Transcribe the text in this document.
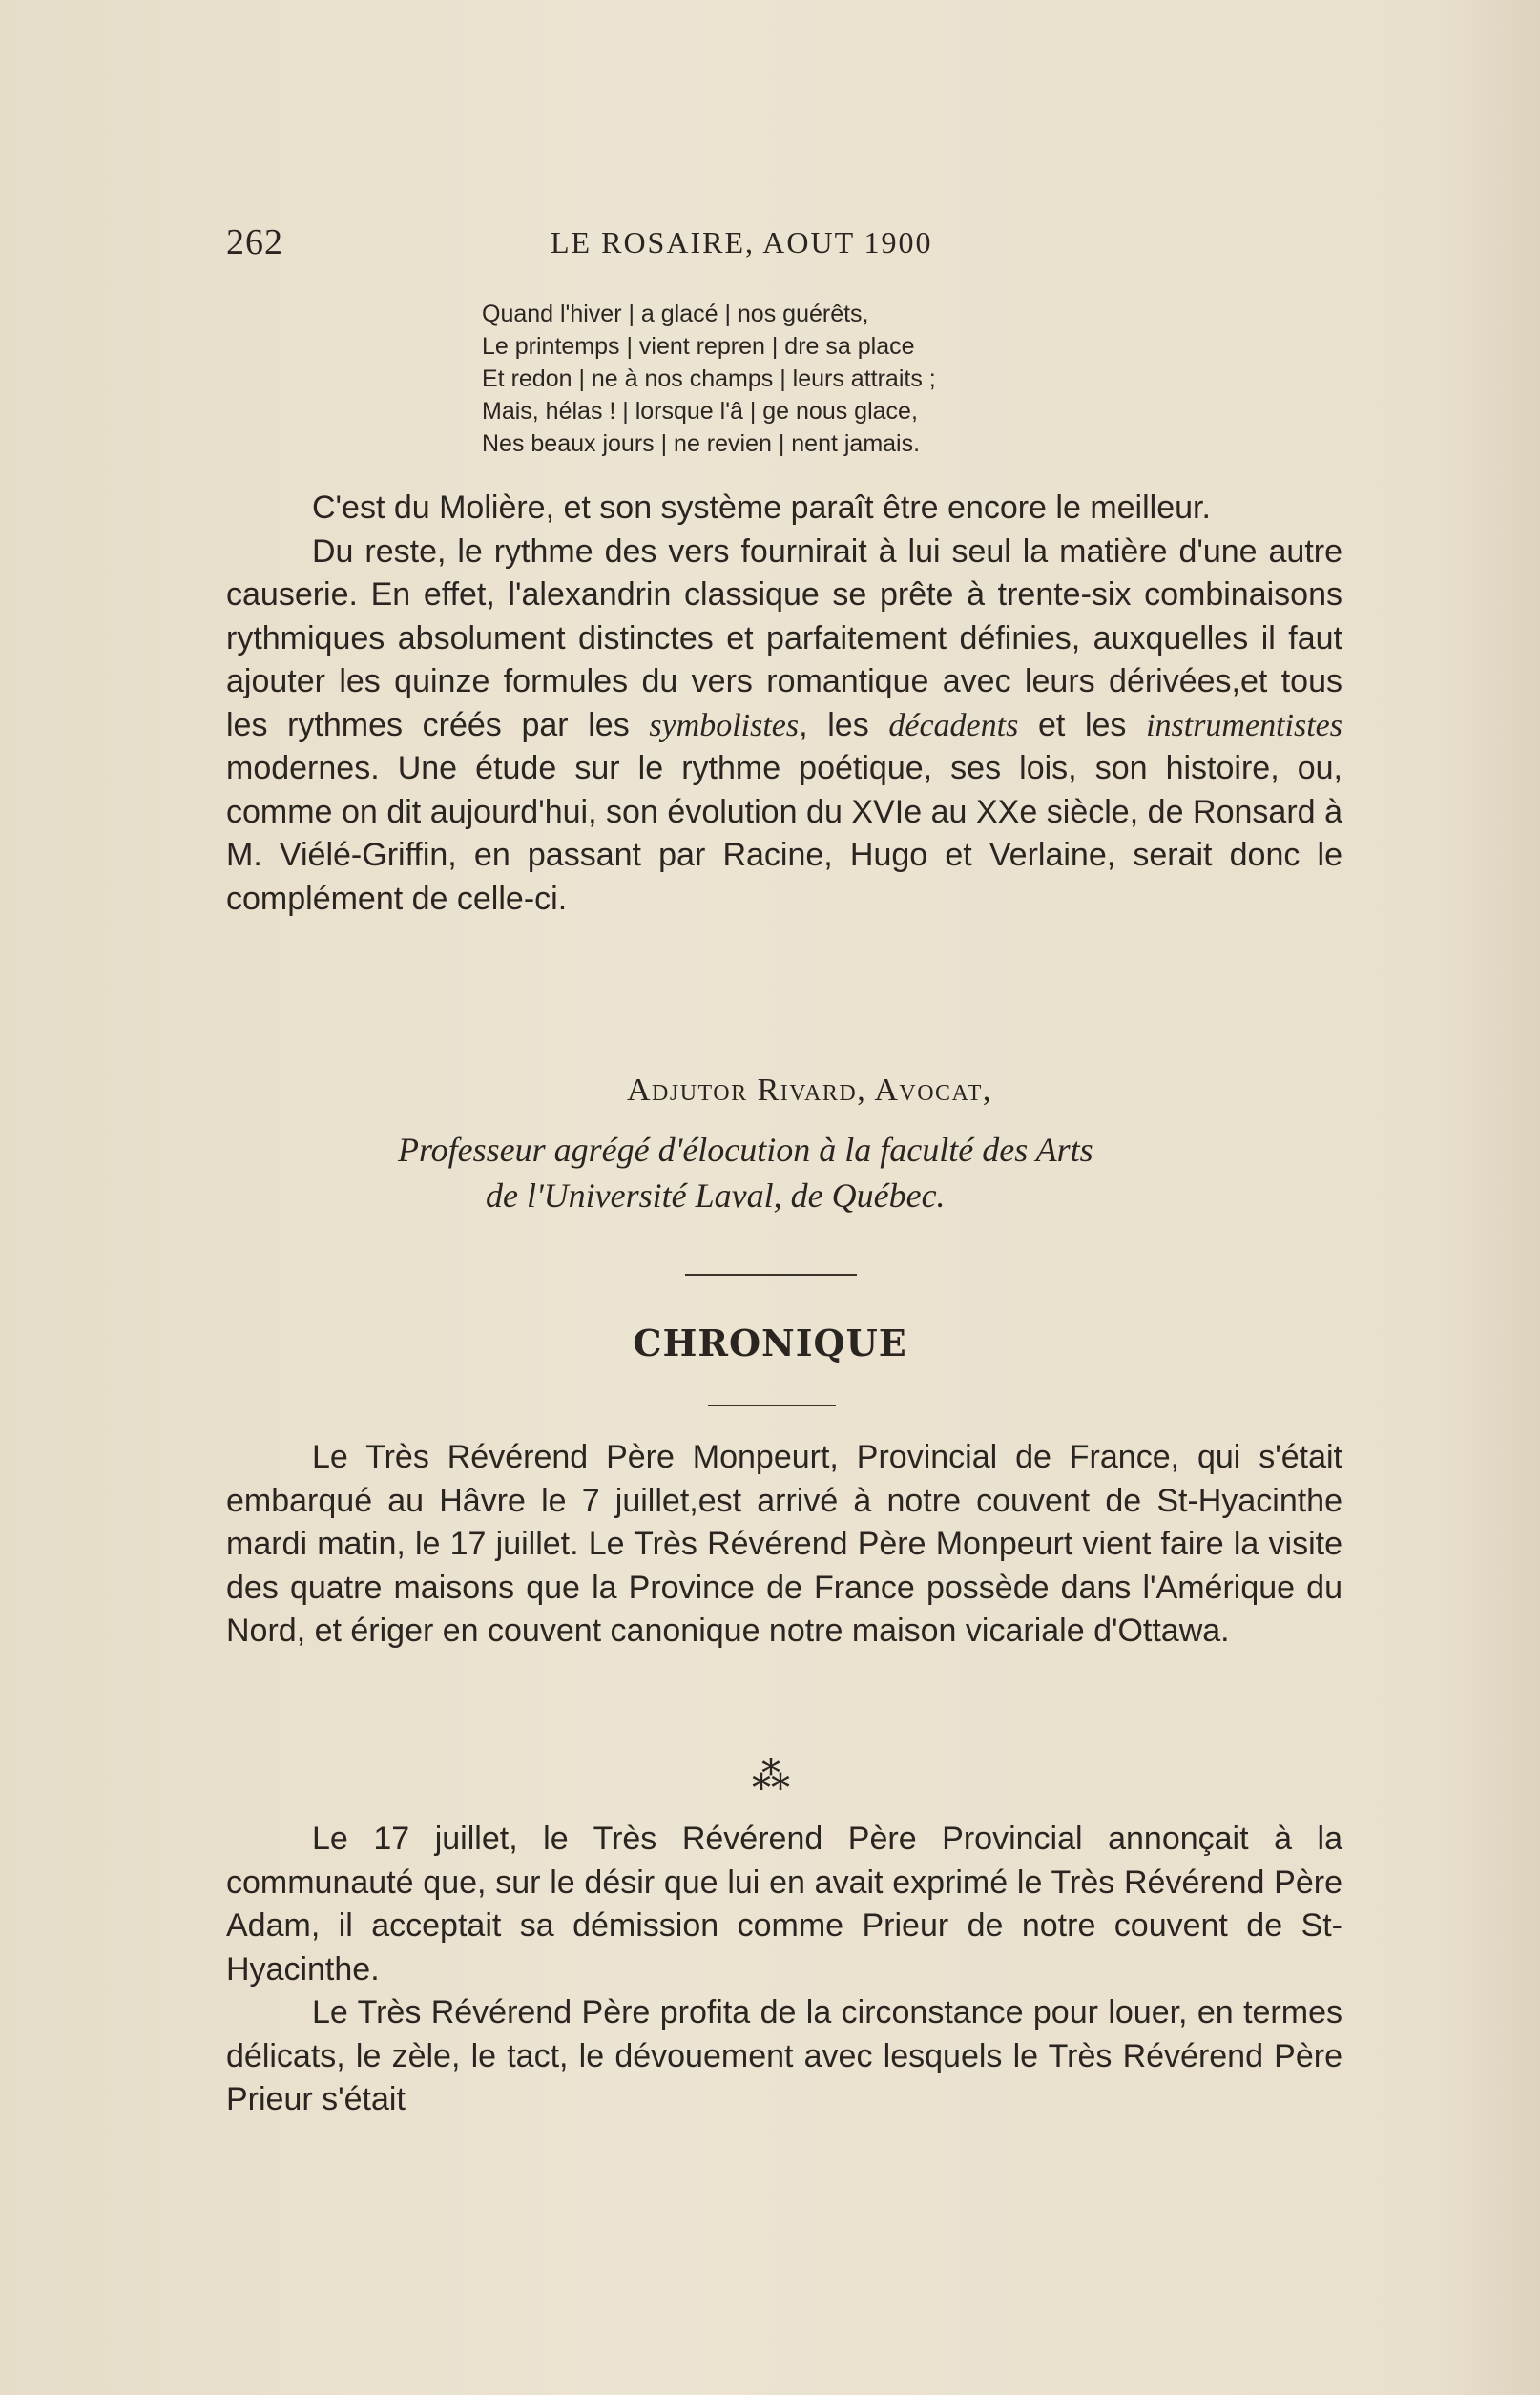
262	LE ROSAIRE, AOUT 1900
Quand l'hiver | a glacé | nos guérêts,
Le printemps | vient repren | dre sa place
Et redon | ne à nos champs | leurs attraits ;
Mais, hélas ! | lorsque l'â | ge nous glace,
Nes beaux jours | ne revien | nent jamais.

C'est du Molière, et son système paraît être encore le meilleur.

Du reste, le rythme des vers fournirait à lui seul la matière d'une autre causerie. En effet, l'alexandrin classique se prête à trente-six combinaisons rythmiques absolument distinctes et parfaitement définies, auxquelles il faut ajouter les quinze formules du vers romantique avec leurs dérivées,et tous les rythmes créés par les symbolistes, les décadents et les instrumentistes modernes. Une étude sur le rythme poétique, ses lois, son histoire, ou, comme on dit aujourd'hui, son évolution du XVIe au XXe siècle, de Ronsard à M. Viélé-Griffin, en passant par Racine, Hugo et Verlaine, serait donc le complément de celle-ci.

Adjutor Rivard, Avocat,
Professeur agrégé d'élocution à la faculté des Arts
de l'Université Laval, de Québec.
CHRONIQUE

Le Très Révérend Père Monpeurt, Provincial de France, qui s'était embarqué au Hâvre le 7 juillet,est arrivé à notre couvent de St-Hyacinthe mardi matin, le 17 juillet. Le Très Révérend Père Monpeurt vient faire la visite des quatre maisons que la Province de France possède dans l'Amérique du Nord, et ériger en couvent canonique notre maison vicariale d'Ottawa.

⁂

Le 17 juillet, le Très Révérend Père Provincial annonçait à la communauté que, sur le désir que lui en avait exprimé le Très Révérend Père Adam, il acceptait sa démission comme Prieur de notre couvent de St-Hyacinthe.

Le Très Révérend Père profita de la circonstance pour louer, en termes délicats, le zèle, le tact, le dévouement avec lesquels le Très Révérend Père Prieur s'était
